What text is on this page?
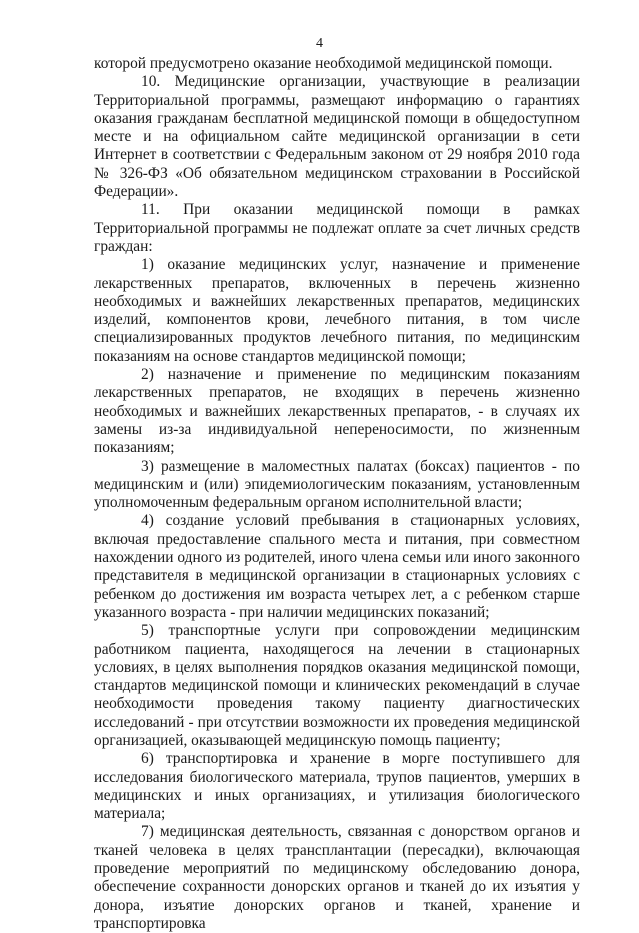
4

которой предусмотрено оказание необходимой медицинской помощи.

10. Медицинские организации, участвующие в реализации Территориальной программы, размещают информацию о гарантиях оказания гражданам бесплатной медицинской помощи в общедоступном месте и на официальном сайте медицинской организации в сети Интернет в соответствии с Федеральным законом от 29 ноября 2010 года № 326-ФЗ «Об обязательном медицинском страховании в Российской Федерации».

11. При оказании медицинской помощи в рамках Территориальной программы не подлежат оплате за счет личных средств граждан:

1) оказание медицинских услуг, назначение и применение лекарственных препаратов, включенных в перечень жизненно необходимых и важнейших лекарственных препаратов, медицинских изделий, компонентов крови, лечебного питания, в том числе специализированных продуктов лечебного питания, по медицинским показаниям на основе стандартов медицинской помощи;

2) назначение и применение по медицинским показаниям лекарственных препаратов, не входящих в перечень жизненно необходимых и важнейших лекарственных препаратов, - в случаях их замены из-за индивидуальной непереносимости, по жизненным показаниям;

3) размещение в маломестных палатах (боксах) пациентов - по медицинским и (или) эпидемиологическим показаниям, установленным уполномоченным федеральным органом исполнительной власти;

4) создание условий пребывания в стационарных условиях, включая предоставление спального места и питания, при совместном нахождении одного из родителей, иного члена семьи или иного законного представителя в медицинской организации в стационарных условиях с ребенком до достижения им возраста четырех лет, а с ребенком старше указанного возраста - при наличии медицинских показаний;

5) транспортные услуги при сопровождении медицинским работником пациента, находящегося на лечении в стационарных условиях, в целях выполнения порядков оказания медицинской помощи, стандартов медицинской помощи и клинических рекомендаций в случае необходимости проведения такому пациенту диагностических исследований - при отсутствии возможности их проведения медицинской организацией, оказывающей медицинскую помощь пациенту;

6) транспортировка и хранение в морге поступившего для исследования биологического материала, трупов пациентов, умерших в медицинских и иных организациях, и утилизация биологического материала;

7) медицинская деятельность, связанная с донорством органов и тканей человека в целях трансплантации (пересадки), включающая проведение мероприятий по медицинскому обследованию донора, обеспечение сохранности донорских органов и тканей до их изъятия у донора, изъятие донорских органов и тканей, хранение и транспортировка
